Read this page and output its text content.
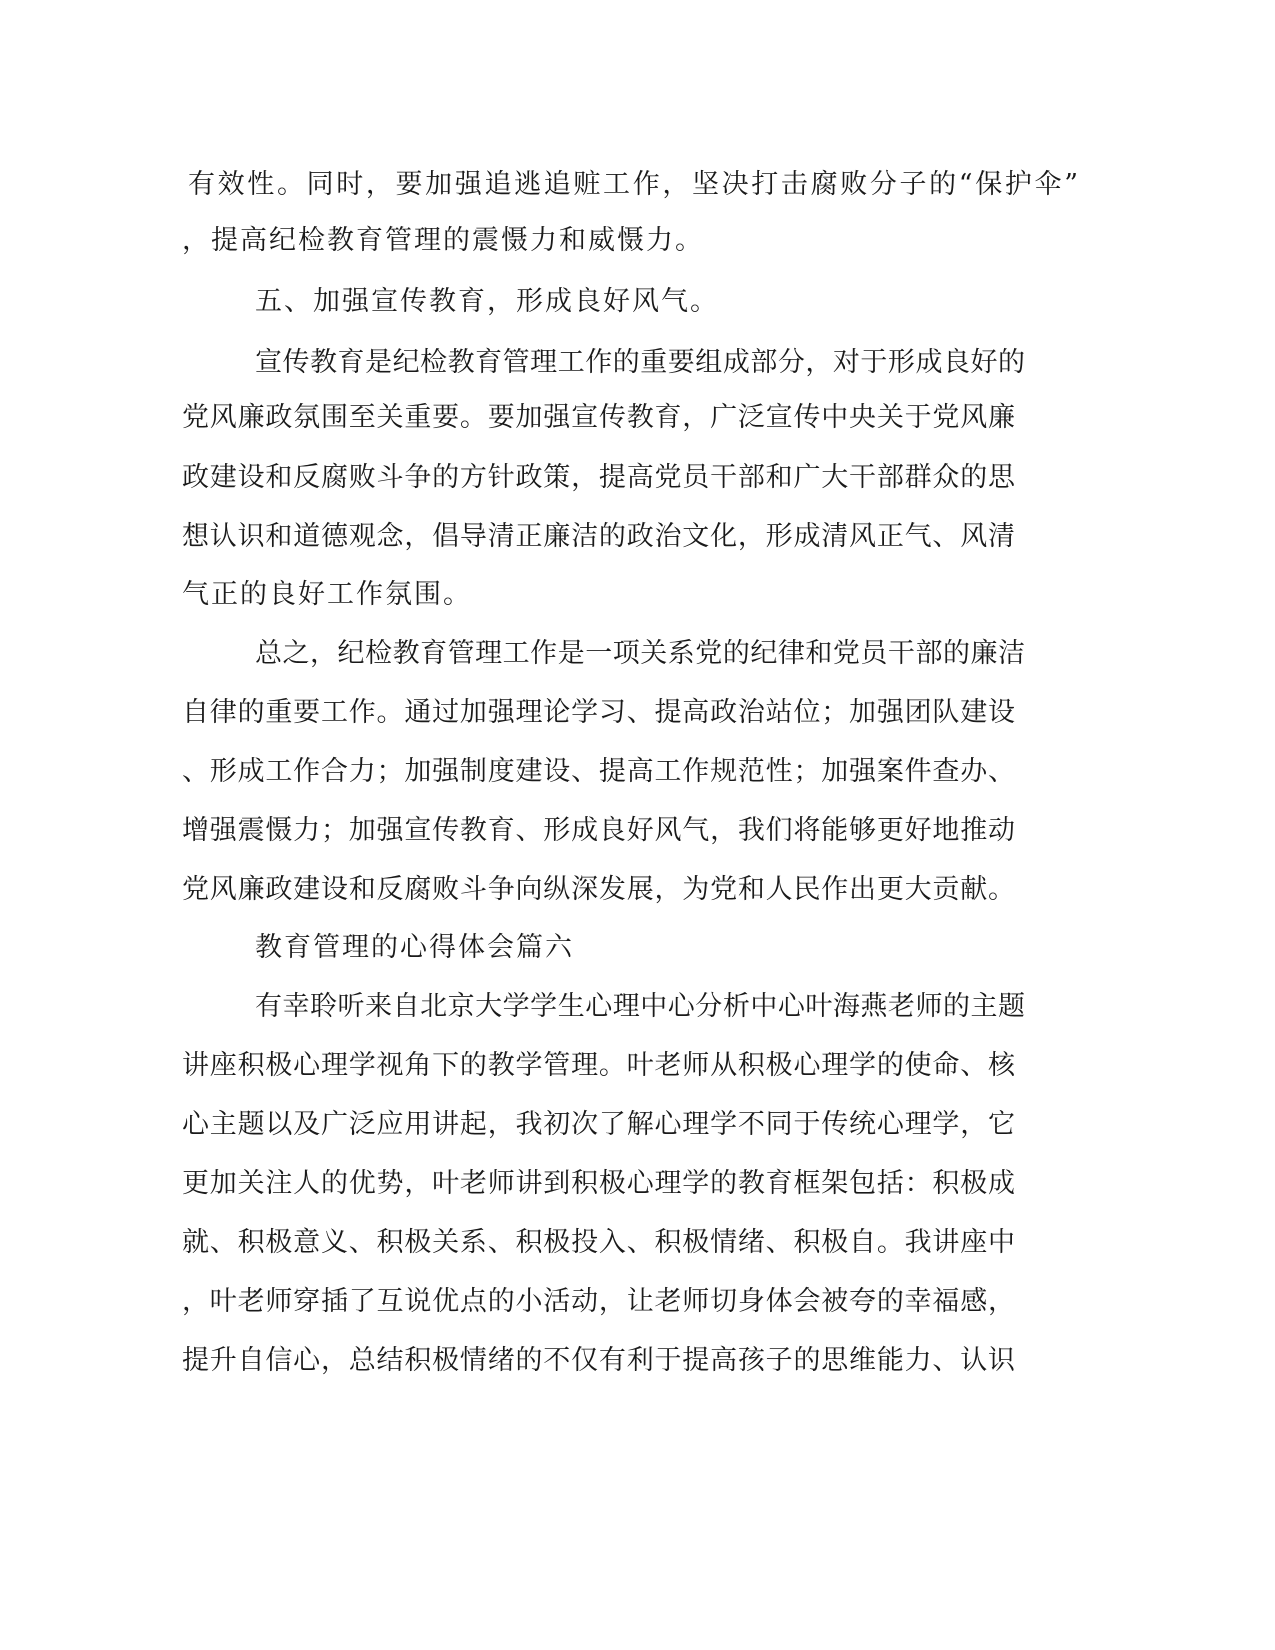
有效性。同时，要加强追逃追赃工作，坚决打击腐败分子的“保护伞”

，提高纪检教育管理的震慑力和威慑力。

五、加强宣传教育，形成良好风气。

宣传教育是纪检教育管理工作的重要组成部分，对于形成良好的

党风廉政氛围至关重要。要加强宣传教育，广泛宣传中央关于党风廉

政建设和反腐败斗争的方针政策，提高党员干部和广大干部群众的思

想认识和道德观念，倡导清正廉洁的政治文化，形成清风正气、风清

气正的良好工作氛围。

总之，纪检教育管理工作是一项关系党的纪律和党员干部的廉洁

自律的重要工作。通过加强理论学习、提高政治站位；加强团队建设

、形成工作合力；加强制度建设、提高工作规范性；加强案件查办、

增强震慑力；加强宣传教育、形成良好风气，我们将能够更好地推动

党风廉政建设和反腐败斗争向纵深发展，为党和人民作出更大贡献。

教育管理的心得体会篇六

有幸聆听来自北京大学学生心理中心分析中心叶海燕老师的主题

讲座积极心理学视角下的教学管理。叶老师从积极心理学的使命、核

心主题以及广泛应用讲起，我初次了解心理学不同于传统心理学，它

更加关注人的优势，叶老师讲到积极心理学的教育框架包括：积极成

就、积极意义、积极关系、积极投入、积极情绪、积极自。我讲座中

，叶老师穿插了互说优点的小活动，让老师切身体会被夸的幸福感，

提升自信心，总结积极情绪的不仅有利于提高孩子的思维能力、认识
